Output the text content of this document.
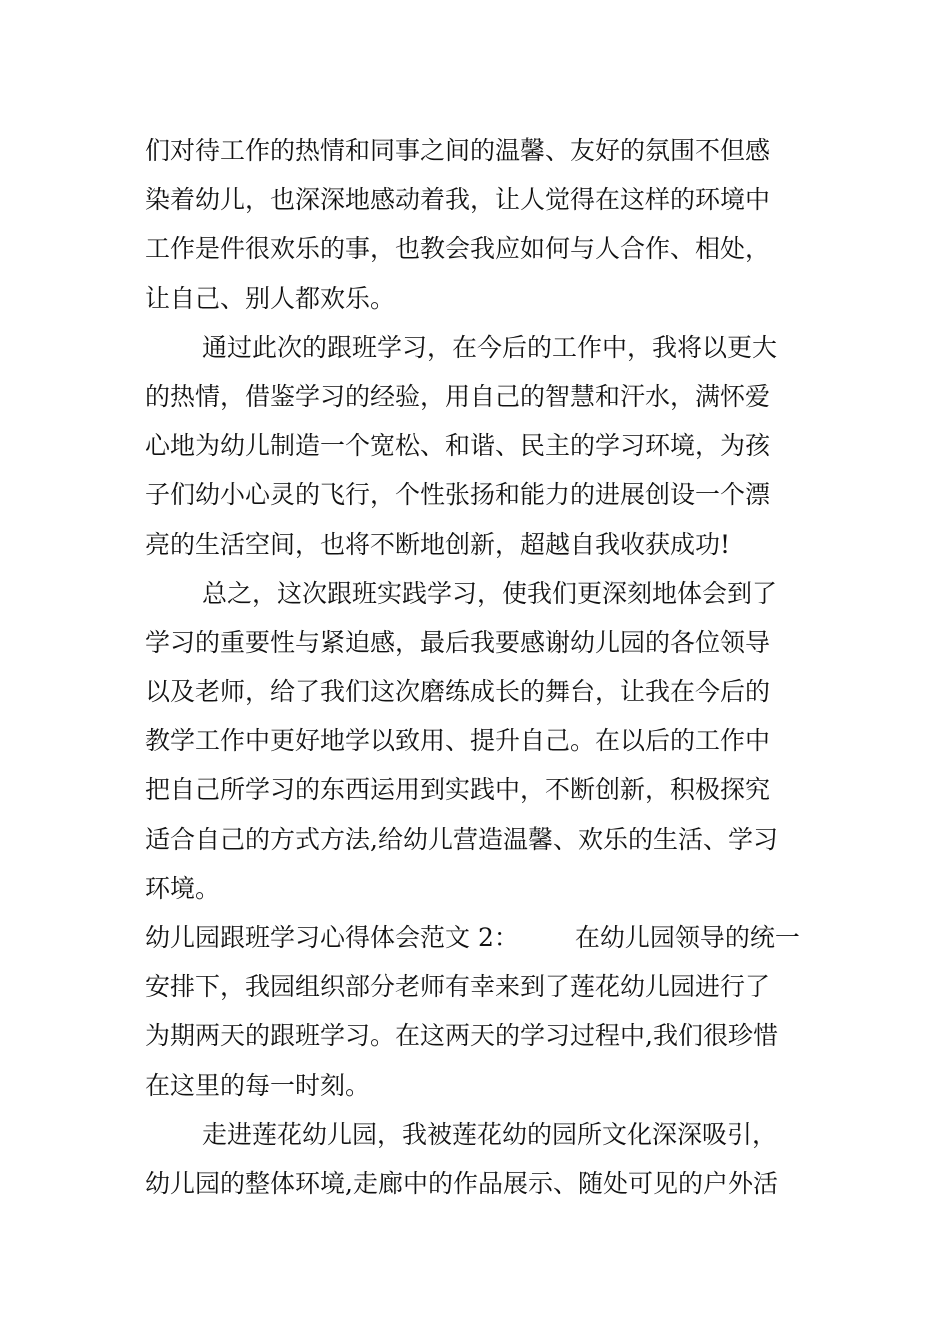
们对待工作的热情和同事之间的温馨、友好的氛围不但感
染着幼儿，也深深地感动着我，让人觉得在这样的环境中
工作是件很欢乐的事，也教会我应如何与人合作、相处，
让自己、别人都欢乐。
通过此次的跟班学习，在今后的工作中，我将以更大
的热情，借鉴学习的经验，用自己的智慧和汗水，满怀爱
心地为幼儿制造一个宽松、和谐、民主的学习环境，为孩
子们幼小心灵的飞行，个性张扬和能力的进展创设一个漂
亮的生活空间，也将不断地创新，超越自我收获成功!
总之，这次跟班实践学习，使我们更深刻地体会到了
学习的重要性与紧迫感，最后我要感谢幼儿园的各位领导
以及老师，给了我们这次磨练成长的舞台，让我在今后的
教学工作中更好地学以致用、提升自己。在以后的工作中
把自己所学习的东西运用到实践中，不断创新，积极探究
适合自己的方式方法,给幼儿营造温馨、欢乐的生活、学习
环境。
幼儿园跟班学习心得体会范文 2： 在幼儿园领导的统一
安排下，我园组织部分老师有幸来到了莲花幼儿园进行了
为期两天的跟班学习。在这两天的学习过程中,我们很珍惜
在这里的每一时刻。
走进莲花幼儿园，我被莲花幼的园所文化深深吸引，
幼儿园的整体环境,走廊中的作品展示、随处可见的户外活
